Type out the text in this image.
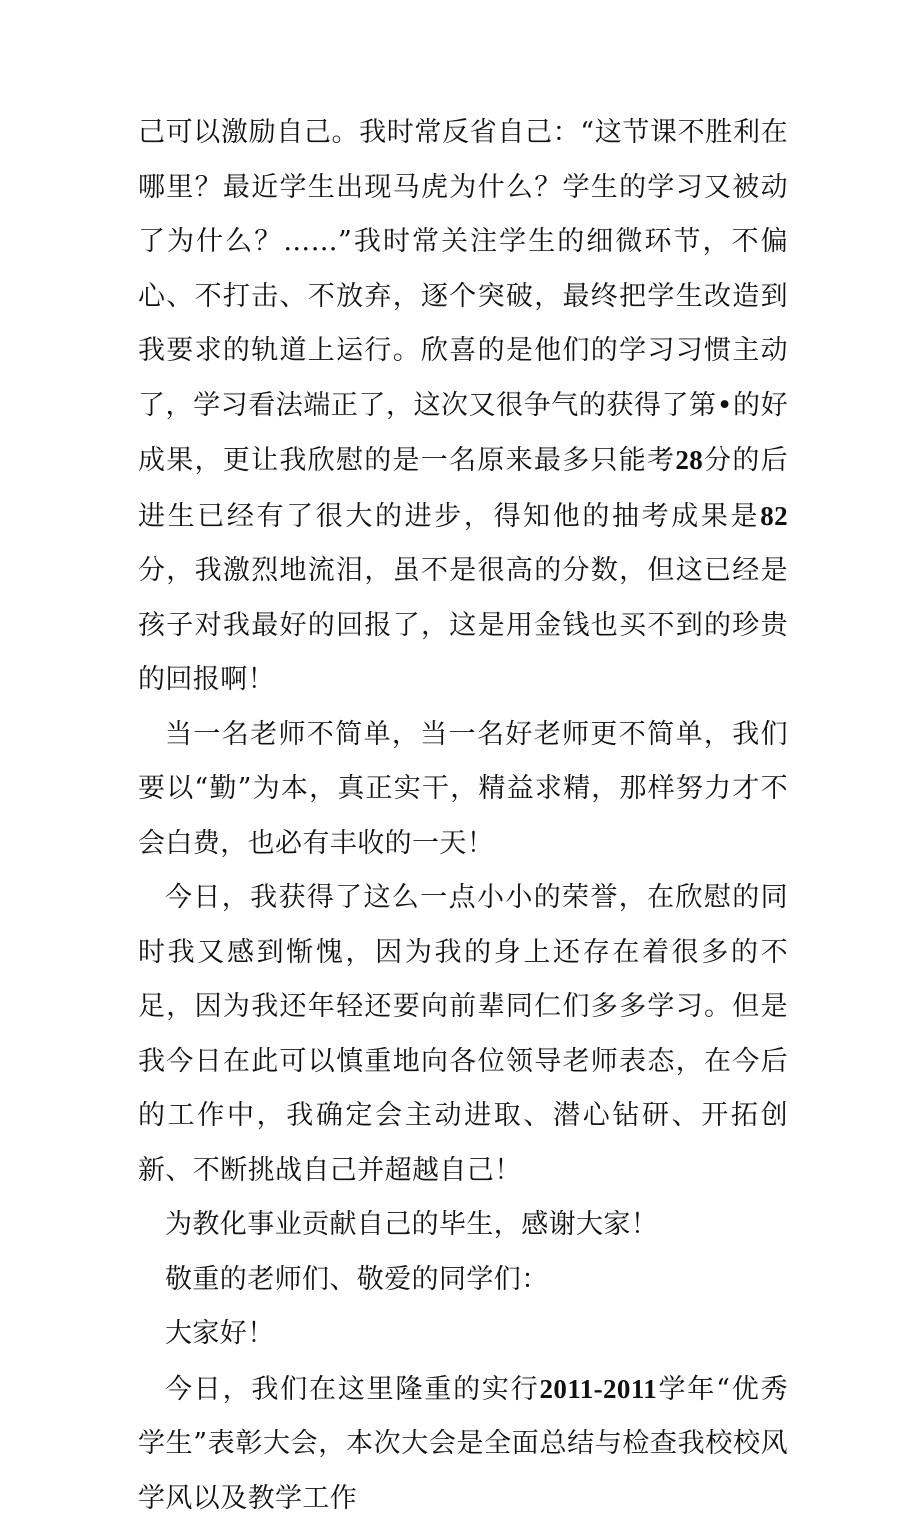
己可以激励自己。我时常反省自己：“这节课不胜利在哪里？最近学生出现马虎为什么？学生的学习又被动了为什么？……”我时常关注学生的细微环节，不偏心、不打击、不放弃，逐个突破，最终把学生改造到我要求的轨道上运行。欣喜的是他们的学习习惯主动了，学习看法端正了，这次又很争气的获得了第•的好成果，更让我欣慰的是一名原来最多只能考28分的后进生已经有了很大的进步，得知他的抽考成果是82分，我激烈地流泪，虽不是很高的分数，但这已经是孩子对我最好的回报了，这是用金钱也买不到的珍贵的回报啊！

当一名老师不简单，当一名好老师更不简单，我们要以“勤”为本，真正实干，精益求精，那样努力才不会白费，也必有丰收的一天！

今日，我获得了这么一点小小的荣誉，在欣慰的同时我又感到惭愧，因为我的身上还存在着很多的不足，因为我还年轻还要向前辈同仁们多多学习。但是我今日在此可以慎重地向各位领导老师表态，在今后的工作中，我确定会主动进取、潜心钻研、开拓创新、不断挑战自己并超越自己！

为教化事业贡献自己的毕生，感谢大家！

敬重的老师们、敬爱的同学们：

大家好！

今日，我们在这里隆重的实行2011-2011学年“优秀学生”表彰大会，本次大会是全面总结与检查我校校风学风以及教学工作
